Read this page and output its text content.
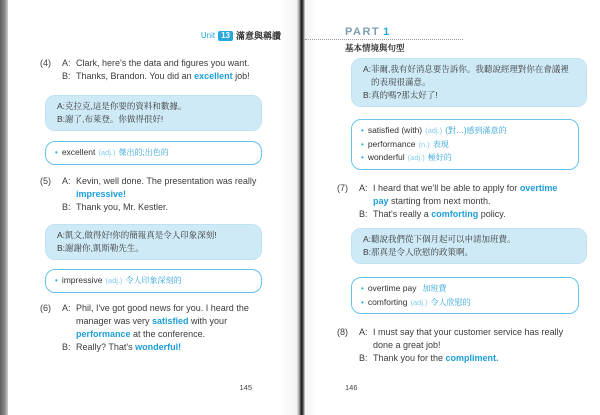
Unit 13 滿意與稱讚
(4)	A: Clark, here's the data and figures you want.
B: Thanks, Brandon. You did an excellent job!
A: 克拉克,這是你要的資料和數據。
B: 謝了,布萊登。你做得很好!
• excellent (adj.) 傑出的;出色的
(5)	A: Kevin, well done. The presentation was really impressive!
B: Thank you, Mr. Kestler.
A: 凱文,做得好!你的簡報真是令人印象深刻!
B: 謝謝你,凱斯勒先生。
• impressive (adj.) 令人印象深刻的
(6)	A: Phil, I've got good news for you. I heard the manager was very satisfied with your performance at the conference.
B: Really? That's wonderful!
145
PART 1
基本情境與句型
A: 菲爾,我有好消息要告訴你。我聽說經理對你在會議裡的表現很滿意。
B: 真的嗎?那太好了!
• satisfied (with) (adj.) (對…)感到滿意的
• performance (n.) 表現
• wonderful (adj.) 極好的
(7)	A: I heard that we'll be able to apply for overtime pay starting from next month.
B: That's really a comforting policy.
A: 聽說我們從下個月起可以申請加班費。
B: 那真是令人欣慰的政策啊。
• overtime pay 加班費
• comforting (adj.) 令人欣慰的
(8)	A: I must say that your customer service has really done a great job!
B: Thank you for the compliment.
146
